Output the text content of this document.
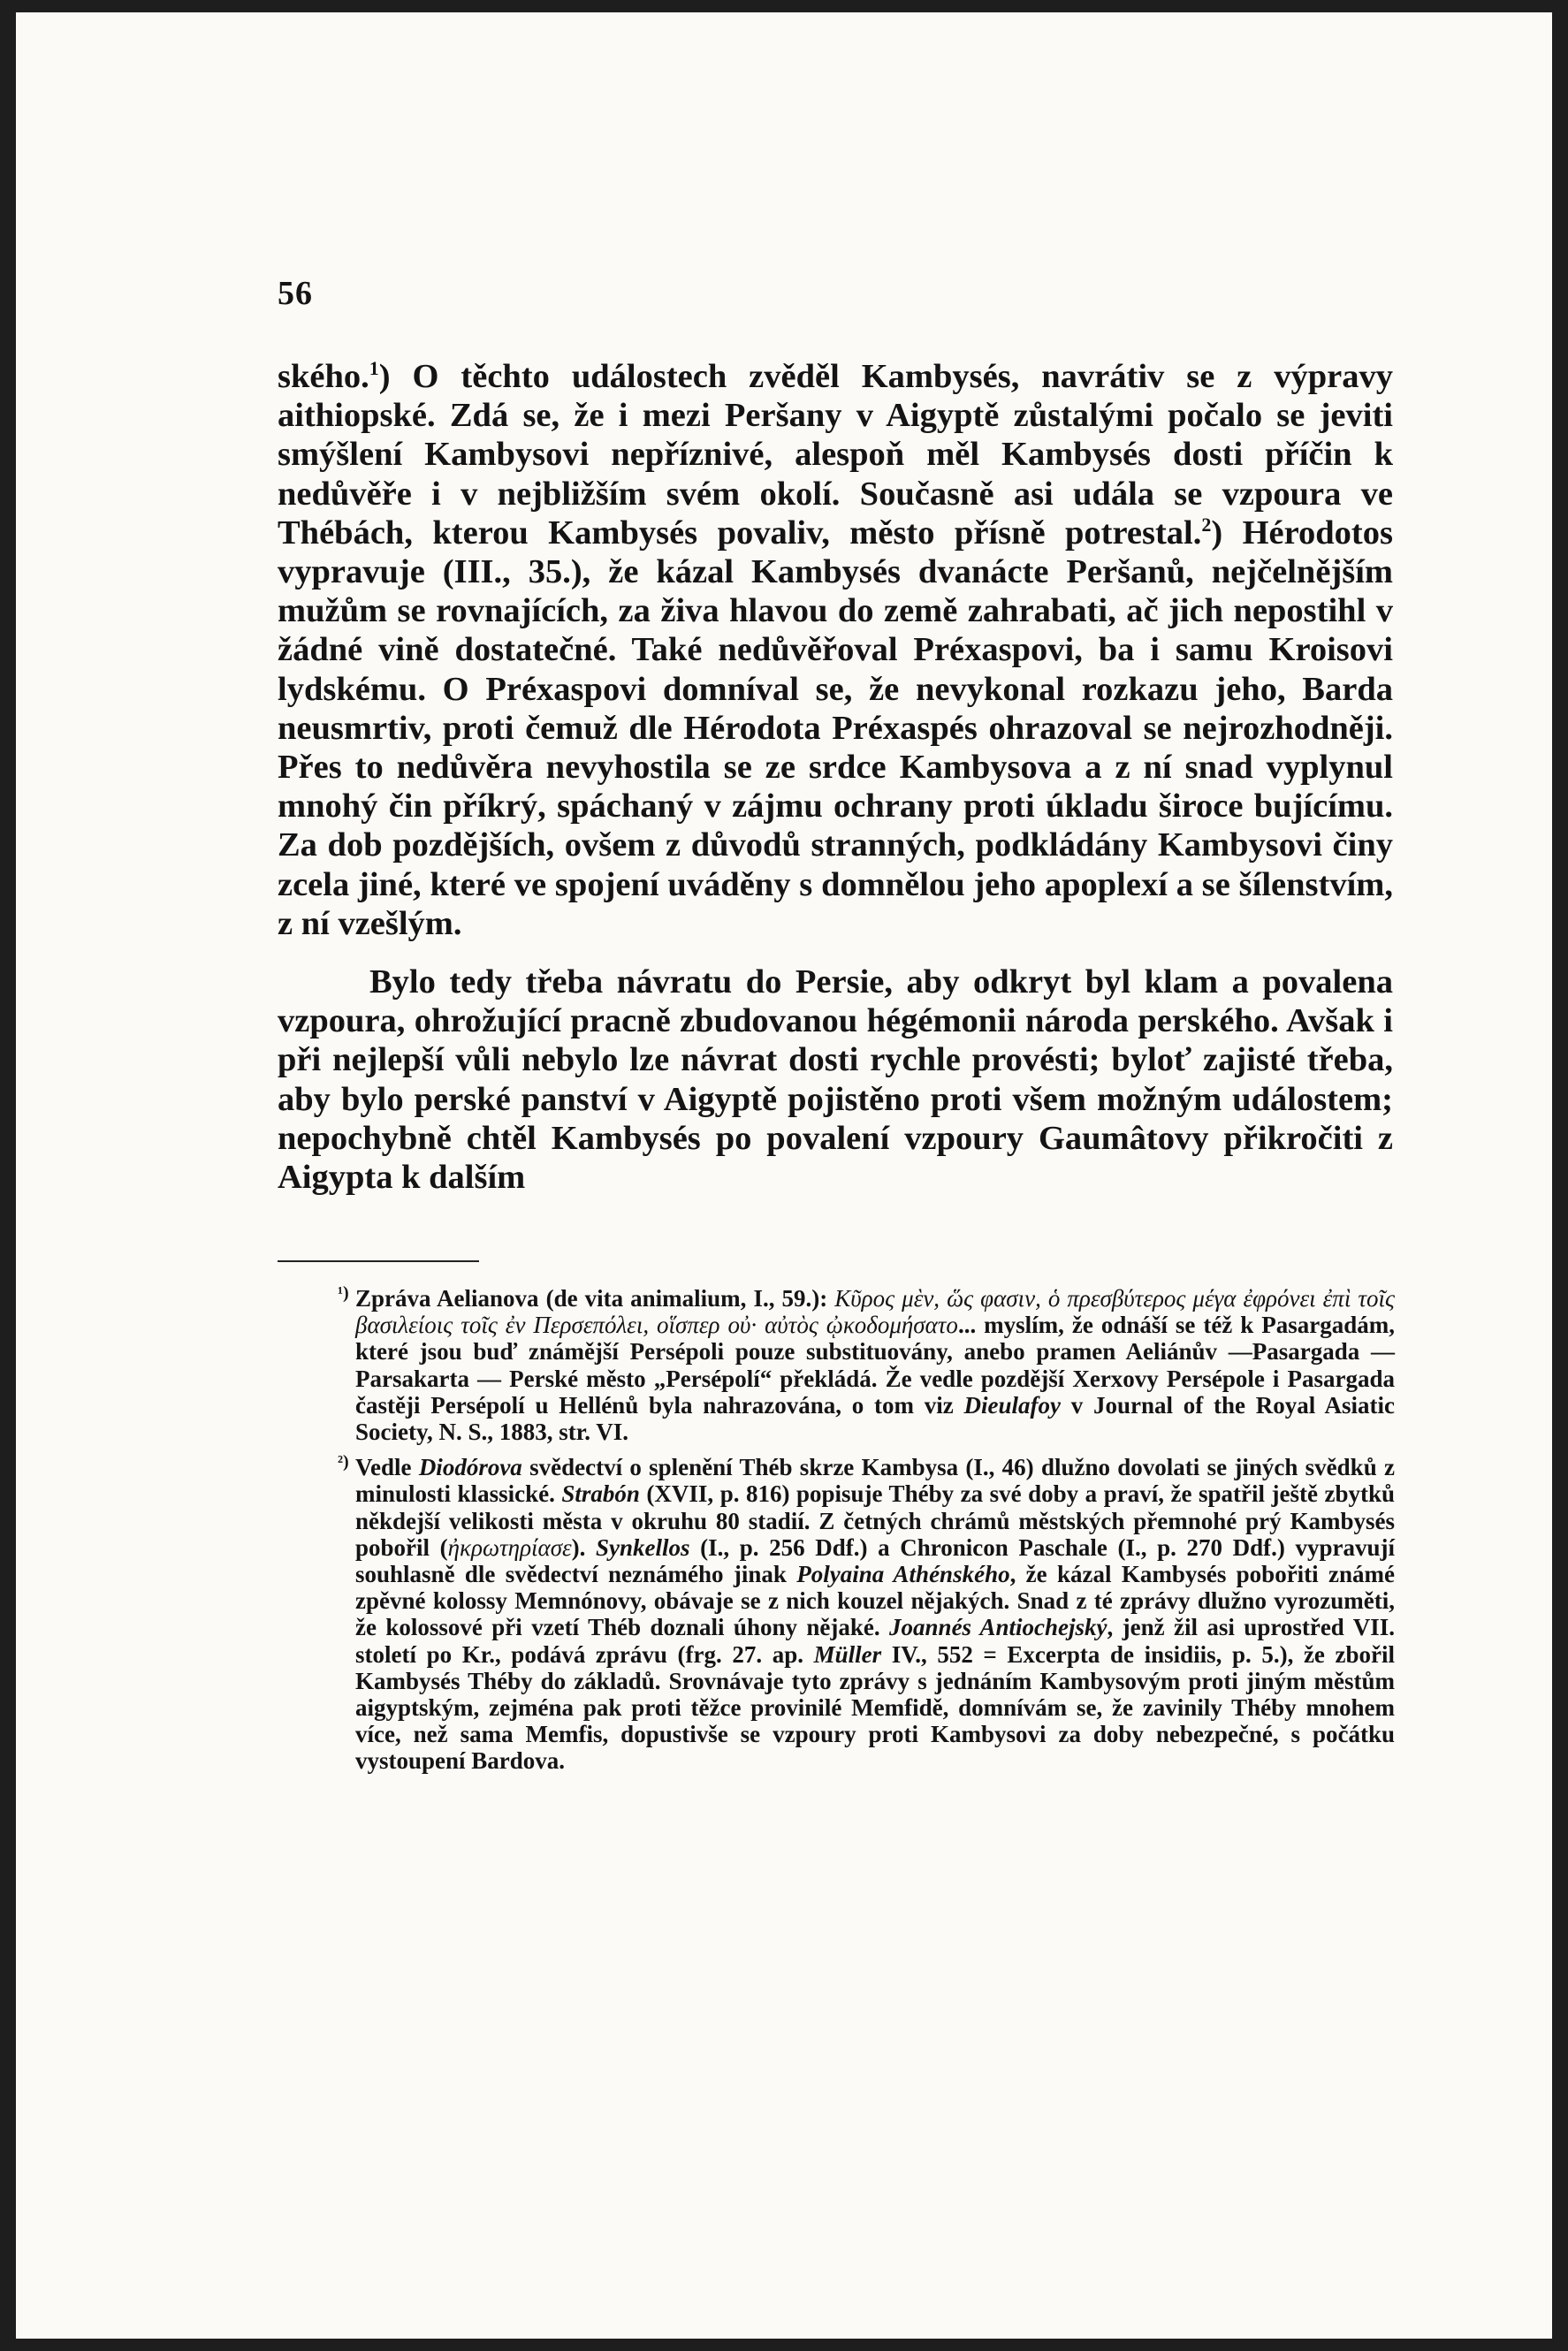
56

ského.$^1$) O těchto událostech zvěděl Kambysés, navrátiv se z výpravy aithiopské. Zdá se, že i mezi Peršany v Aigyptě zůstalými počalo se jeviti smýšlení Kambysovi nepříznivé, alespoň měl Kambysés dosti příčin k nedůvěře i v nejbližším svém okolí. Současně asi udála se vzpoura ve Thébách, kterou Kambysés povaliv, město přísně potrestal.$^2$) Hérodotos vypravuje (III., 35.), že kázal Kambysés dvanácte Peršanů, nejčelnějším mužům se rovnajících, za živa hlavou do země zahrabati, ač jich nepostihl v žádné vině dostatečné. Také nedůvěřoval Préxaspovi, ba i samu Kroisovi lydskému. O Préxaspovi domníval se, že nevykonal rozkazu jeho, Barda neusmrtiv, proti čemuž dle Hérodota Préxaspés ohrazoval se nejrozhodněji. Přes to nedůvěra nevyhostila se ze srdce Kambysova a z ní snad vyplynul mnohý čin příkrý, spáchaný v zájmu ochrany proti úkladu široce bujícímu. Za dob pozdějších, ovšem z důvodů stranných, podkládány Kambysovi činy zcela jiné, které ve spojení uváděny s domnělou jeho apoplexí a se šílenstvím, z ní vzešlým.

Bylo tedy třeba návratu do Persie, aby odkryt byl klam a povalena vzpoura, ohrožující pracně zbudovanou hégémonii národa perského. Avšak i při nejlepší vůli nebylo lze návrat dosti rychle provésti; byloť zajisté třeba, aby bylo perské panství v Aigyptě pojistěno proti všem možným událostem; nepochybně chtěl Kambysés po povalení vzpoury Gaumâtovy přikročiti z Aigypta k dalším

¹) Zpráva Aelianova (de vita animalium, I., 59.): Κῦρος μὲν, ὥς φασιν, ὁ πρεσβύτερος μέγα ἐφρόνει ἐπὶ τοῖς βασιλείοις τοῖς ἐν Περσεπόλει, οἵσπερ οὐ· αὐτὸς ᾠκοδομήσατο... myslím, že odnáší se též k Pasargadám, které jsou buď známější Persépoli pouze substituovány, anebo pramen Aeliánův —Pasargada — Parsakarta — Perské město „Persépolí“ překládá. Že vedle pozdější Xerxovy Persépole i Pasargada častěji Persépolí u Hellénů byla nahrazována, o tom viz Dieulafoy v Journal of the Royal Asiatic Society, N. S., 1883, str. VI.

²) Vedle Diodórova svědectví o splenění Théb skrze Kambysa (I., 46) dlužno dovolati se jiných svědků z minulosti klassické. Strabón (XVII, p. 816) popisuje Théby za své doby a praví, že spatřil ještě zbytků někdejší velikosti města v okruhu 80 stadií. Z četných chrámů městských přemnohé prý Kambysés pobořil (ἠκρωτηρίασε). Synkellos (I., p. 256 Ddf.) a Chronicon Paschale (I., p. 270 Ddf.) vypravují souhlasně dle svědectví neznámého jinak Polyaina Athénského, že kázal Kambysés pobořiti známé zpěvné kolossy Memnónovy, obávaje se z nich kouzel nějakých. Snad z té zprávy dlužno vyrozuměti, že kolossové při vzetí Théb doznali úhony nějaké. Joannés Antiochejský, jenž žil asi uprostřed VII. století po Kr., podává zprávu (frg. 27. ap. Müller IV., 552 = Excerpta de insidiis, p. 5.), že zbořil Kambysés Théby do základů. Srovnávaje tyto zprávy s jednáním Kambysovým proti jiným městům aigyptským, zejména pak proti těžce provinilé Memfidě, domnívám se, že zavinily Théby mnohem více, než sama Memfis, dopustivše se vzpoury proti Kambysovi za doby nebezpečné, s počátku vystoupení Bardova.
